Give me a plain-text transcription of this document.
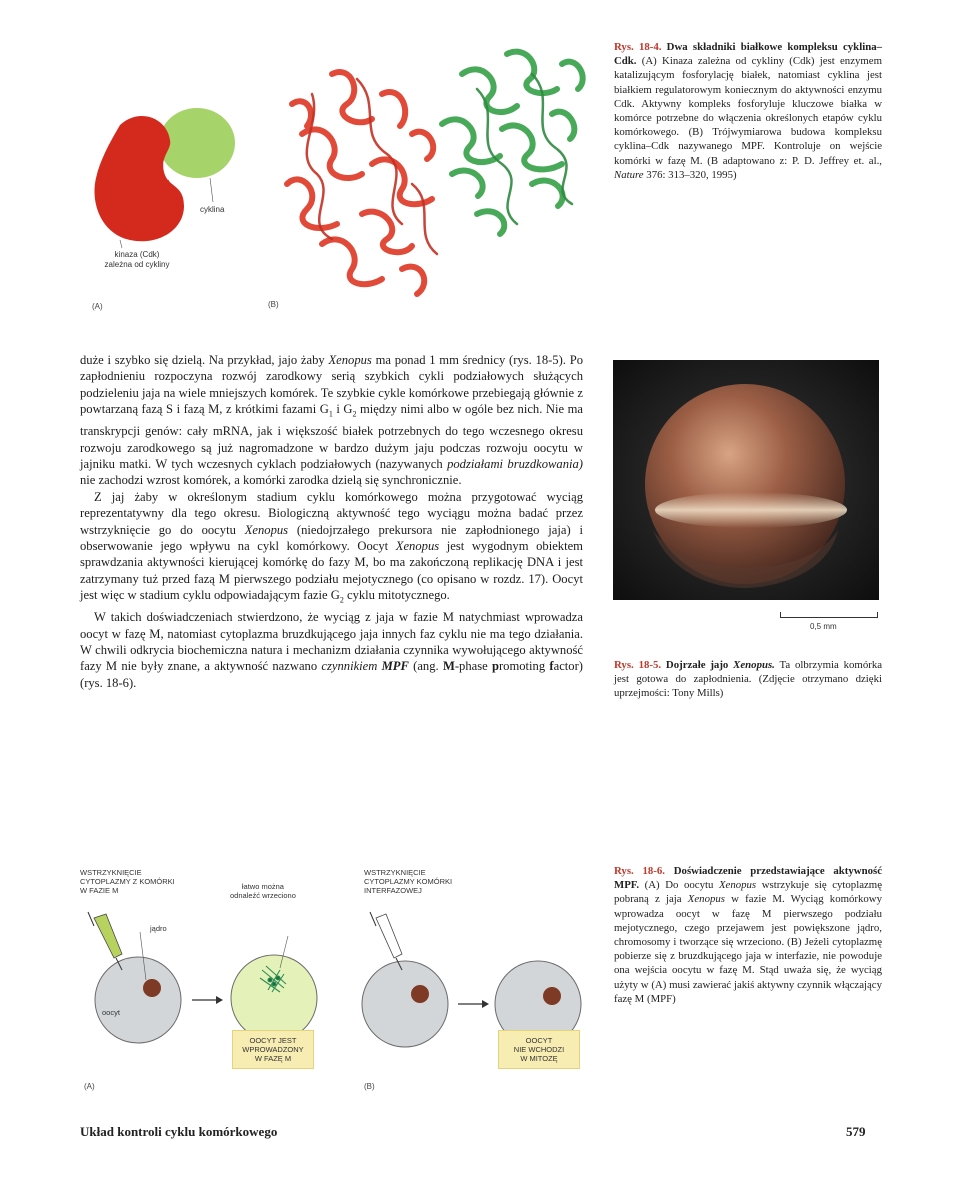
cyklina
kinaza (Cdk)
zależna od cykliny
(A)	(B)
Rys. 18-4. Dwa składniki białkowe kompleksu cyklina–Cdk. (A) Kinaza zależna od cykliny (Cdk) jest enzymem katalizującym fosforylację białek, natomiast cyklina jest białkiem regulatorowym koniecznym do aktywności enzymu Cdk. Aktywny kompleks fosforyluje kluczowe białka w komórce potrzebne do włączenia określonych etapów cyklu komórkowego. (B) Trójwymiarowa budowa kompleksu cyklina–Cdk nazywanego MPF. Kontroluje on wejście komórki w fazę M. (B adaptowano z: P. D. Jeffrey et. al., Nature 376: 313–320, 1995)

duże i szybko się dzielą. Na przykład, jajo żaby Xenopus ma ponad 1 mm średnicy (rys. 18-5). Po zapłodnieniu rozpoczyna rozwój zarodkowy serią szybkich cykli podziałowych służących podzieleniu jaja na wiele mniejszych komórek. Te szybkie cykle komórkowe przebiegają głównie z powtarzaną fazą S i fazą M, z krótkimi fazami $G_1$ i $G_2$ między nimi albo w ogóle bez nich. Nie ma transkrypcji genów: cały mRNA, jak i większość białek potrzebnych do tego wczesnego okresu rozwoju zarodkowego są już nagromadzone w bardzo dużym jaju podczas rozwoju oocytu w jajniku matki. W tych wczesnych cyklach podziałowych (nazywanych podziałami bruzdkowania) nie zachodzi wzrost komórek, a komórki zarodka dzielą się synchronicznie.

Z jaj żaby w określonym stadium cyklu komórkowego można przygotować wyciąg reprezentatywny dla tego okresu. Biologiczną aktywność tego wyciągu można badać przez wstrzyknięcie go do oocytu Xenopus (niedojrzałego prekursora nie zapłodnionego jaja) i obserwowanie jego wpływu na cykl komórkowy. Oocyt Xenopus jest wygodnym obiektem sprawdzania aktywności kierującej komórkę do fazy M, bo ma zakończoną replikację DNA i jest zatrzymany tuż przed fazą M pierwszego podziału mejotycznego (co opisano w rozdz. 17). Oocyt jest więc w stadium cyklu odpowiadającym fazie $G_2$ cyklu mitotycznego.

W takich doświadczeniach stwierdzono, że wyciąg z jaja w fazie M natychmiast wprowadza oocyt w fazę M, natomiast cytoplazma bruzdkującego jaja innych faz cyklu nie ma tego działania. W chwili odkrycia biochemiczna natura i mechanizm działania czynnika wywołującego aktywność fazy M nie były znane, a aktywność nazwano czynnikiem MPF (ang. M-phase promoting factor) (rys. 18-6).

0,5 mm
Rys. 18-5. Dojrzałe jajo Xenopus. Ta olbrzymia komórka jest gotowa do zapłodnienia. (Zdjęcie otrzymano dzięki uprzejmości: Tony Mills)
WSTRZYKNIĘCIE
CYTOPLAZMY Z KOMÓRKI
W FAZIE M	łatwo można
odnaleźć wrzeciono
jądro
oocyt
WSTRZYKNIĘCIE
CYTOPLAZMY KOMÓRKI
INTERFAZOWEJ
OOCYT JEST
WPROWADZONY
W FAZĘ M
OOCYT
NIE WCHODZI
W MITOZĘ
(A)	(B)
Rys. 18-6. Doświadczenie przedstawiające aktywność MPF. (A) Do oocytu Xenopus wstrzykuje się cytoplazmę pobraną z jaja Xenopus w fazie M. Wyciąg komórkowy wprowadza oocyt w fazę M pierwszego podziału mejotycznego, czego przejawem jest powiększone jądro, chromosomy i tworzące się wrzeciono. (B) Jeżeli cytoplazmę pobierze się z bruzdkującego jaja w interfazie, nie powoduje ona wejścia oocytu w fazę M. Stąd uważa się, że wyciąg użyty w (A) musi zawierać jakiś aktywny czynnik włączający fazę M (MPF)
Układ kontroli cyklu komórkowego	579
